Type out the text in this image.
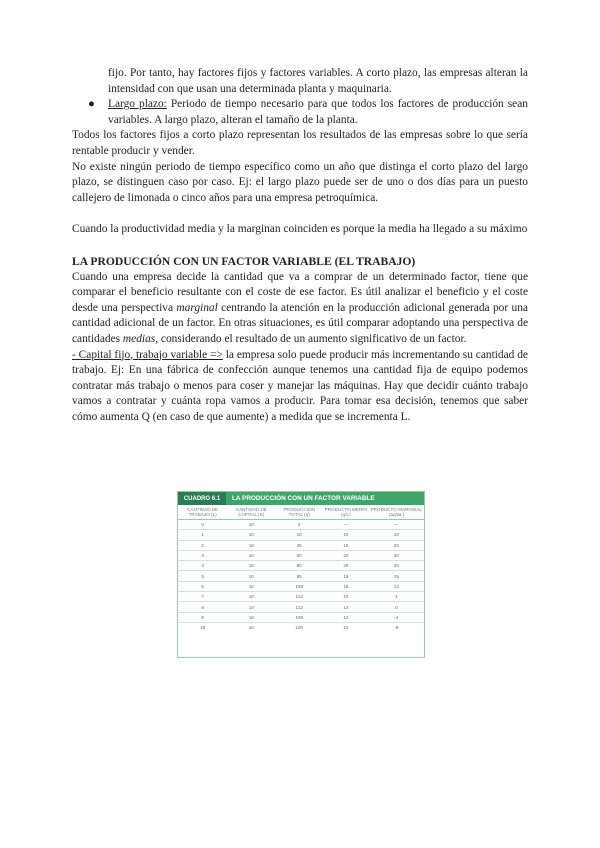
fijo. Por tanto, hay factores fijos y factores variables. A corto plazo, las empresas alteran la intensidad con que usan una determinada planta y maquinaria.

● Largo plazo: Periodo de tiempo necesario para que todos los factores de producción sean variables. A largo plazo, alteran el tamaño de la planta.

Todos los factores fijos a corto plazo representan los resultados de las empresas sobre lo que sería rentable producir y vender.

No existe ningún periodo de tiempo específico como un año que distinga el corto plazo del largo plazo, se distinguen caso por caso. Ej: el largo plazo puede ser de uno o dos días para un puesto callejero de limonada o cinco años para una empresa petroquímica.

Cuando la productividad media y la marginan coinciden es porque la media ha llegado a su máximo

LA PRODUCCIÓN CON UN FACTOR VARIABLE (EL TRABAJO)

Cuando una empresa decide la cantidad que va a comprar de un determinado factor, tiene que comparar el beneficio resultante con el coste de ese factor. Es útil analizar el beneficio y el coste desde una perspectiva marginal centrando la atención en la producción adicional generada por una cantidad adicional de un factor. En otras situaciones, es útil comparar adoptando una perspectiva de cantidades medias, considerando el resultado de un aumento significativo de un factor.

- Capital fijo, trabajo variable => la empresa solo puede producir más incrementando su cantidad de trabajo. Ej: En una fábrica de confección aunque tenemos una cantidad fija de equipo podemos contratar más trabajo o menos para coser y manejar las máquinas. Hay que decidir cuánto trabajo vamos a contratar y cuánta ropa vamos a producir. Para tomar esa decisión, tenemos que saber cómo aumenta Q (en caso de que aumente) a medida que se incrementa L.

CUADRO 6.1	LA PRODUCCIÓN CON UN FACTOR VARIABLE
CANTIDAD DE TRABAJO (L)	CANTIDAD DE CAPITAL (K)	PRODUCCIÓN TOTAL (q)	PRODUCTO MEDIO (q/L)	PRODUCTO MARGINAL (Δq/ΔL)
0	10	0	—	—
1	10	10	10	10
2	10	30	15	20
3	10	60	20	30
4	10	80	20	20
5	10	95	19	15
6	10	108	18	13
7	10	112	16	4
8	10	112	14	0
9	10	108	12	-4
10	10	100	10	-8
